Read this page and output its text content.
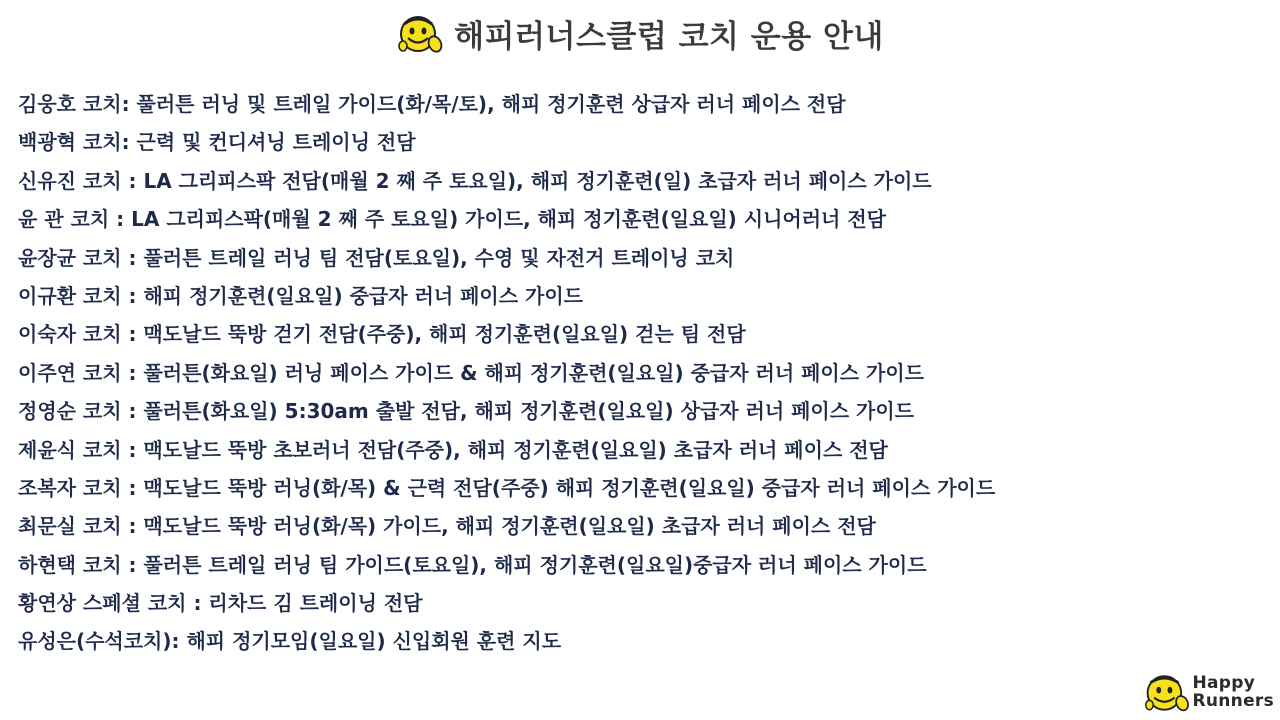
해피러너스클럽 코치 운용 안내
김웅호 코치: 풀러튼 러닝 및 트레일 가이드(화/목/토), 해피 정기훈련 상급자 러너 페이스 전담
백광혁 코치: 근력 및 컨디셔닝 트레이닝 전담
신유진 코치 : LA 그리피스팍 전담(매월 2 째 주 토요일), 해피 정기훈련(일) 초급자 러너 페이스 가이드
윤 관 코치 : LA 그리피스팍(매월 2 째 주 토요일) 가이드, 해피 정기훈련(일요일) 시니어러너 전담
윤장균 코치 : 풀러튼 트레일 러닝 팀 전담(토요일), 수영 및 자전거 트레이닝 코치
이규환 코치 : 해피 정기훈련(일요일) 중급자 러너 페이스 가이드
이숙자 코치 : 맥도날드 뚝방 걷기 전담(주중), 해피 정기훈련(일요일) 걷는 팀 전담
이주연 코치 : 풀러튼(화요일) 러닝 페이스 가이드 & 해피 정기훈련(일요일) 중급자 러너 페이스 가이드
정영순 코치 : 풀러튼(화요일) 5:30am 출발 전담, 해피 정기훈련(일요일) 상급자 러너 페이스 가이드
제윤식 코치 : 맥도날드 뚝방 초보러너 전담(주중), 해피 정기훈련(일요일) 초급자 러너 페이스 전담
조복자 코치 : 맥도날드 뚝방 러닝(화/목) & 근력 전담(주중) 해피 정기훈련(일요일) 중급자 러너 페이스 가이드
최문실 코치 : 맥도날드 뚝방 러닝(화/목) 가이드, 해피 정기훈련(일요일) 초급자 러너 페이스 전담
하현택 코치 : 풀러튼 트레일 러닝 팀 가이드(토요일), 해피 정기훈련(일요일)중급자 러너 페이스 가이드
황연상 스페셜 코치 : 리차드 김 트레이닝 전담
유성은(수석코치): 해피 정기모임(일요일) 신입회원 훈련 지도
Happy
Runners
